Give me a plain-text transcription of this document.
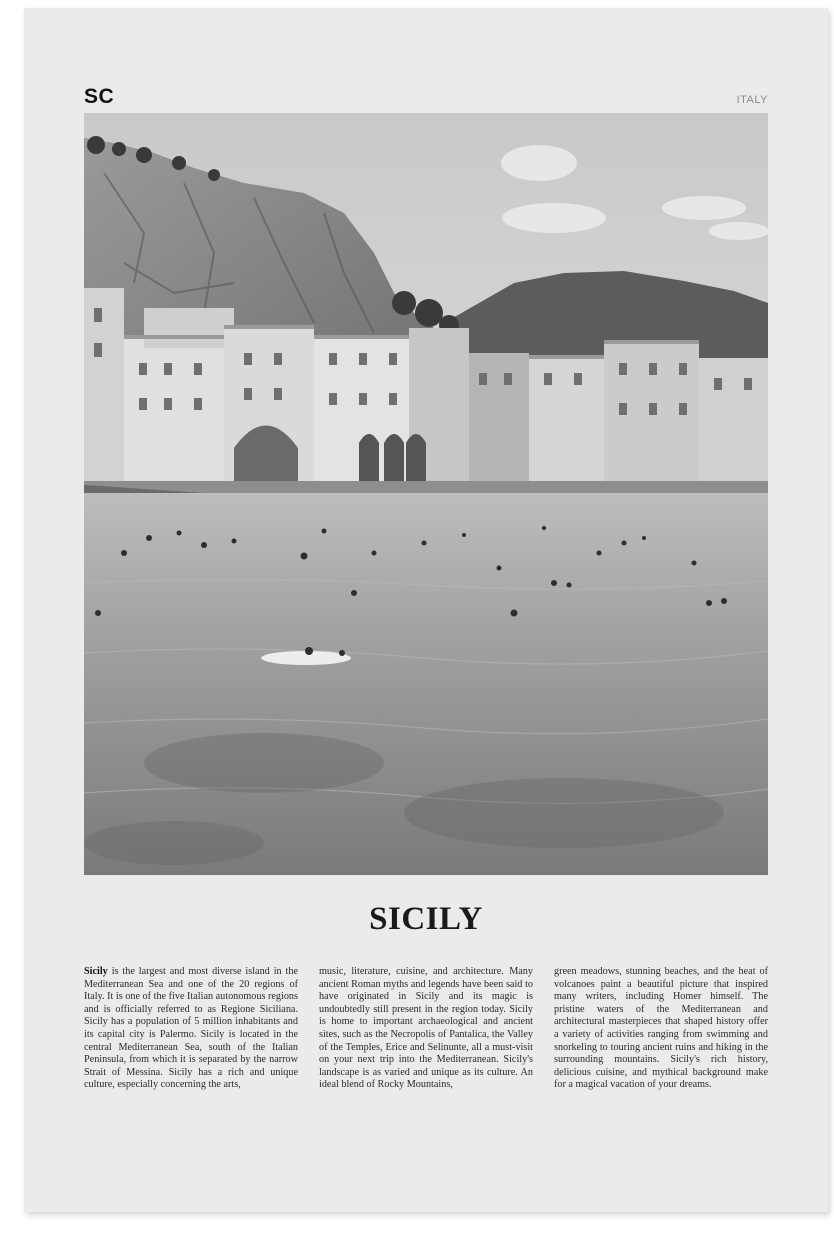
SC	ITALY
SICILY
Sicily is the largest and most diverse island in the Mediterranean Sea and one of the 20 regions of Italy. It is one of the five Italian autonomous regions and is officially referred to as Regione Siciliana. Sicily has a population of 5 million inhabitants and its capital city is Palermo. Sicily is located in the central Mediterranean Sea, south of the Italian Peninsula, from which it is separated by the narrow Strait of Messina. Sicily has a rich and unique culture, especially concerning the arts,
music, literature, cuisine, and architecture. Many ancient Roman myths and legends have been said to have originated in Sicily and its magic is undoubtedly still present in the region today. Sicily is home to important archaeological and ancient sites, such as the Necropolis of Pantalica, the Valley of the Temples, Erice and Selinunte, all a must-visit on your next trip into the Mediterranean. Sicily's landscape is as varied and unique as its culture. An ideal blend of Rocky Mountains,
green meadows, stunning beaches, and the heat of volcanoes paint a beautiful picture that inspired many writers, including Homer himself. The pristine waters of the Mediterranean and architectural masterpieces that shaped history offer a variety of activities ranging from swimming and snorkeling to touring ancient ruins and hiking in the surrounding mountains. Sicily's rich history, delicious cuisine, and mythical background make for a magical vacation of your dreams.
